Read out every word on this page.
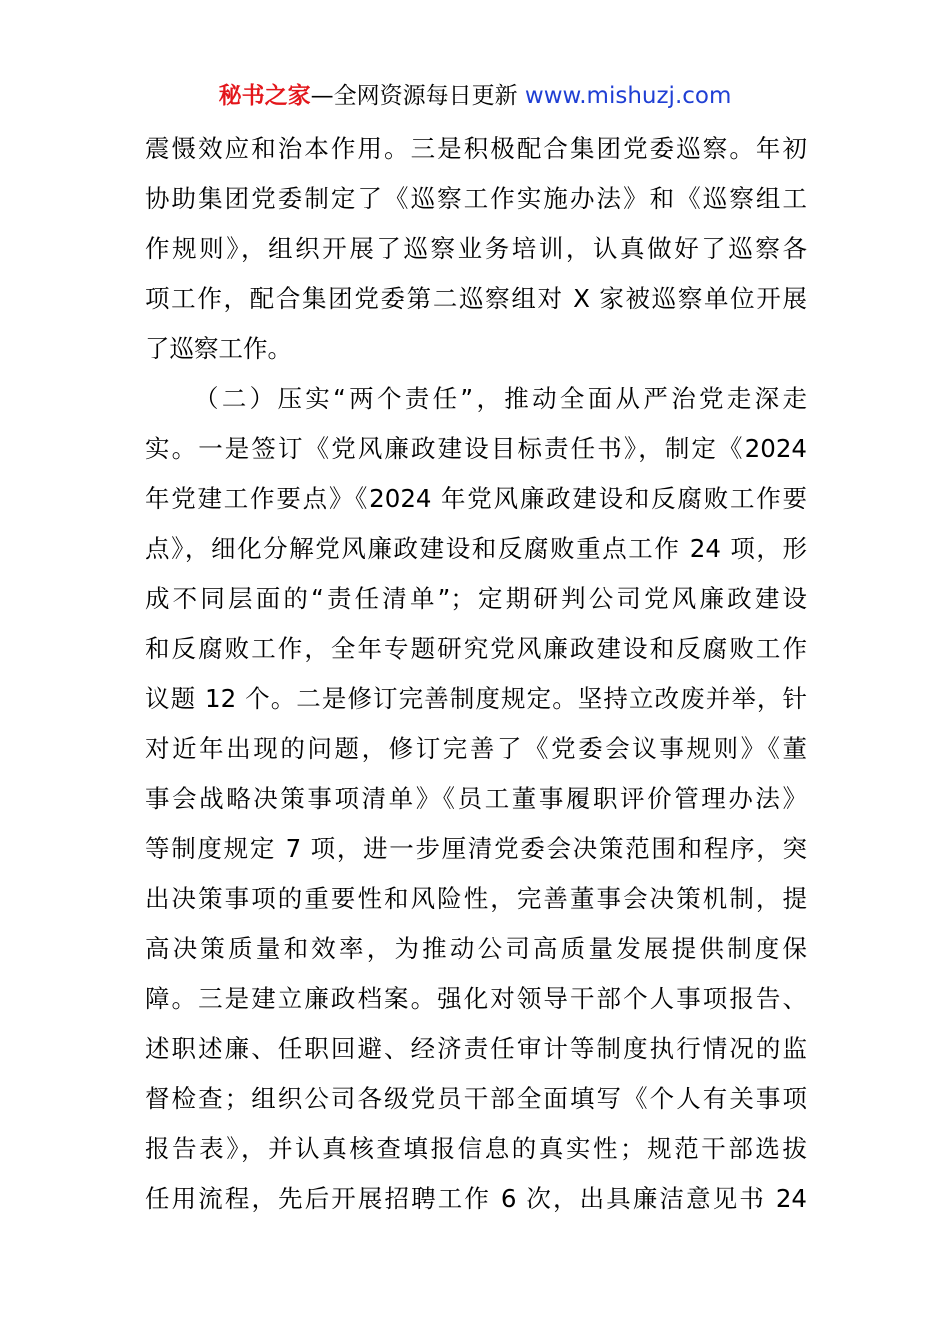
秘书之家—全网资源每日更新 www.mishuzj.com
震慑效应和治本作用。三是积极配合集团党委巡察。年初
协助集团党委制定了《巡察工作实施办法》和《巡察组工
作规则》，组织开展了巡察业务培训，认真做好了巡察各
项工作，配合集团党委第二巡察组对 X 家被巡察单位开展
了巡察工作。
（二）压实“两个责任”，推动全面从严治党走深走
实。一是签订《党风廉政建设目标责任书》，制定《2024
年党建工作要点》《2024 年党风廉政建设和反腐败工作要
点》，细化分解党风廉政建设和反腐败重点工作 24 项，形
成不同层面的“责任清单”；定期研判公司党风廉政建设
和反腐败工作，全年专题研究党风廉政建设和反腐败工作
议题 12 个。二是修订完善制度规定。坚持立改废并举，针
对近年出现的问题，修订完善了《党委会议事规则》《董
事会战略决策事项清单》《员工董事履职评价管理办法》
等制度规定 7 项，进一步厘清党委会决策范围和程序，突
出决策事项的重要性和风险性，完善董事会决策机制，提
高决策质量和效率，为推动公司高质量发展提供制度保
障。三是建立廉政档案。强化对领导干部个人事项报告、
述职述廉、任职回避、经济责任审计等制度执行情况的监
督检查；组织公司各级党员干部全面填写《个人有关事项
报告表》，并认真核查填报信息的真实性；规范干部选拔
任用流程，先后开展招聘工作 6 次，出具廉洁意见书 24
